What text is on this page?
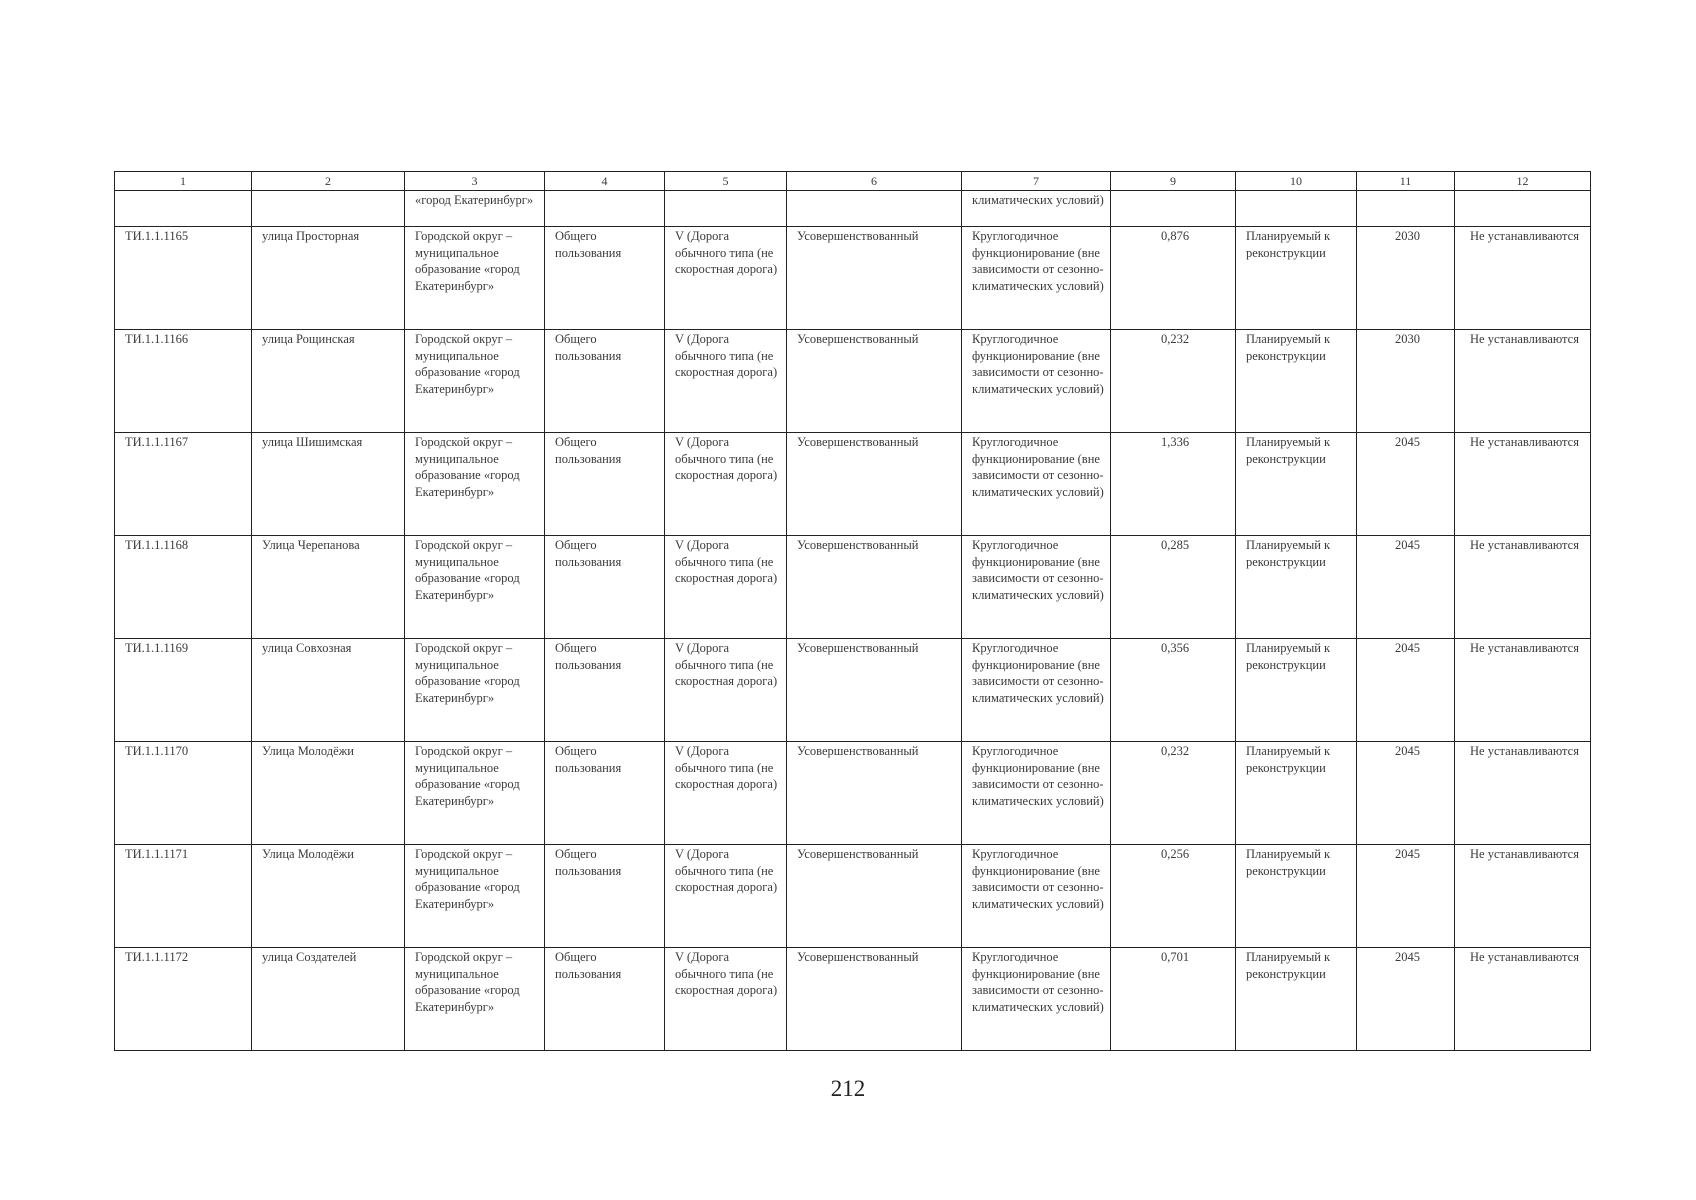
1	2	3	4	5	6	7	9	10	11	12
		«город Екатеринбург»				климатических условий)				
ТИ.1.1.1165	улица Просторная	Городской округ – муниципальное образование «город Екатеринбург»	Общего пользования	V (Дорога обычного типа (не скоростная дорога)	Усовершенствованный	Круглогодичное функционирование (вне зависимости от сезонно-климатических условий)	0,876	Планируемый к реконструкции	2030	Не устанавливаются
ТИ.1.1.1166	улица Рощинская	Городской округ – муниципальное образование «город Екатеринбург»	Общего пользования	V (Дорога обычного типа (не скоростная дорога)	Усовершенствованный	Круглогодичное функционирование (вне зависимости от сезонно-климатических условий)	0,232	Планируемый к реконструкции	2030	Не устанавливаются
ТИ.1.1.1167	улица Шишимская	Городской округ – муниципальное образование «город Екатеринбург»	Общего пользования	V (Дорога обычного типа (не скоростная дорога)	Усовершенствованный	Круглогодичное функционирование (вне зависимости от сезонно-климатических условий)	1,336	Планируемый к реконструкции	2045	Не устанавливаются
ТИ.1.1.1168	Улица Черепанова	Городской округ – муниципальное образование «город Екатеринбург»	Общего пользования	V (Дорога обычного типа (не скоростная дорога)	Усовершенствованный	Круглогодичное функционирование (вне зависимости от сезонно-климатических условий)	0,285	Планируемый к реконструкции	2045	Не устанавливаются
ТИ.1.1.1169	улица Совхозная	Городской округ – муниципальное образование «город Екатеринбург»	Общего пользования	V (Дорога обычного типа (не скоростная дорога)	Усовершенствованный	Круглогодичное функционирование (вне зависимости от сезонно-климатических условий)	0,356	Планируемый к реконструкции	2045	Не устанавливаются
ТИ.1.1.1170	Улица Молодёжи	Городской округ – муниципальное образование «город Екатеринбург»	Общего пользования	V (Дорога обычного типа (не скоростная дорога)	Усовершенствованный	Круглогодичное функционирование (вне зависимости от сезонно-климатических условий)	0,232	Планируемый к реконструкции	2045	Не устанавливаются
ТИ.1.1.1171	Улица Молодёжи	Городской округ – муниципальное образование «город Екатеринбург»	Общего пользования	V (Дорога обычного типа (не скоростная дорога)	Усовершенствованный	Круглогодичное функционирование (вне зависимости от сезонно-климатических условий)	0,256	Планируемый к реконструкции	2045	Не устанавливаются
ТИ.1.1.1172	улица Создателей	Городской округ – муниципальное образование «город Екатеринбург»	Общего пользования	V (Дорога обычного типа (не скоростная дорога)	Усовершенствованный	Круглогодичное функционирование (вне зависимости от сезонно-климатических условий)	0,701	Планируемый к реконструкции	2045	Не устанавливаются
212
